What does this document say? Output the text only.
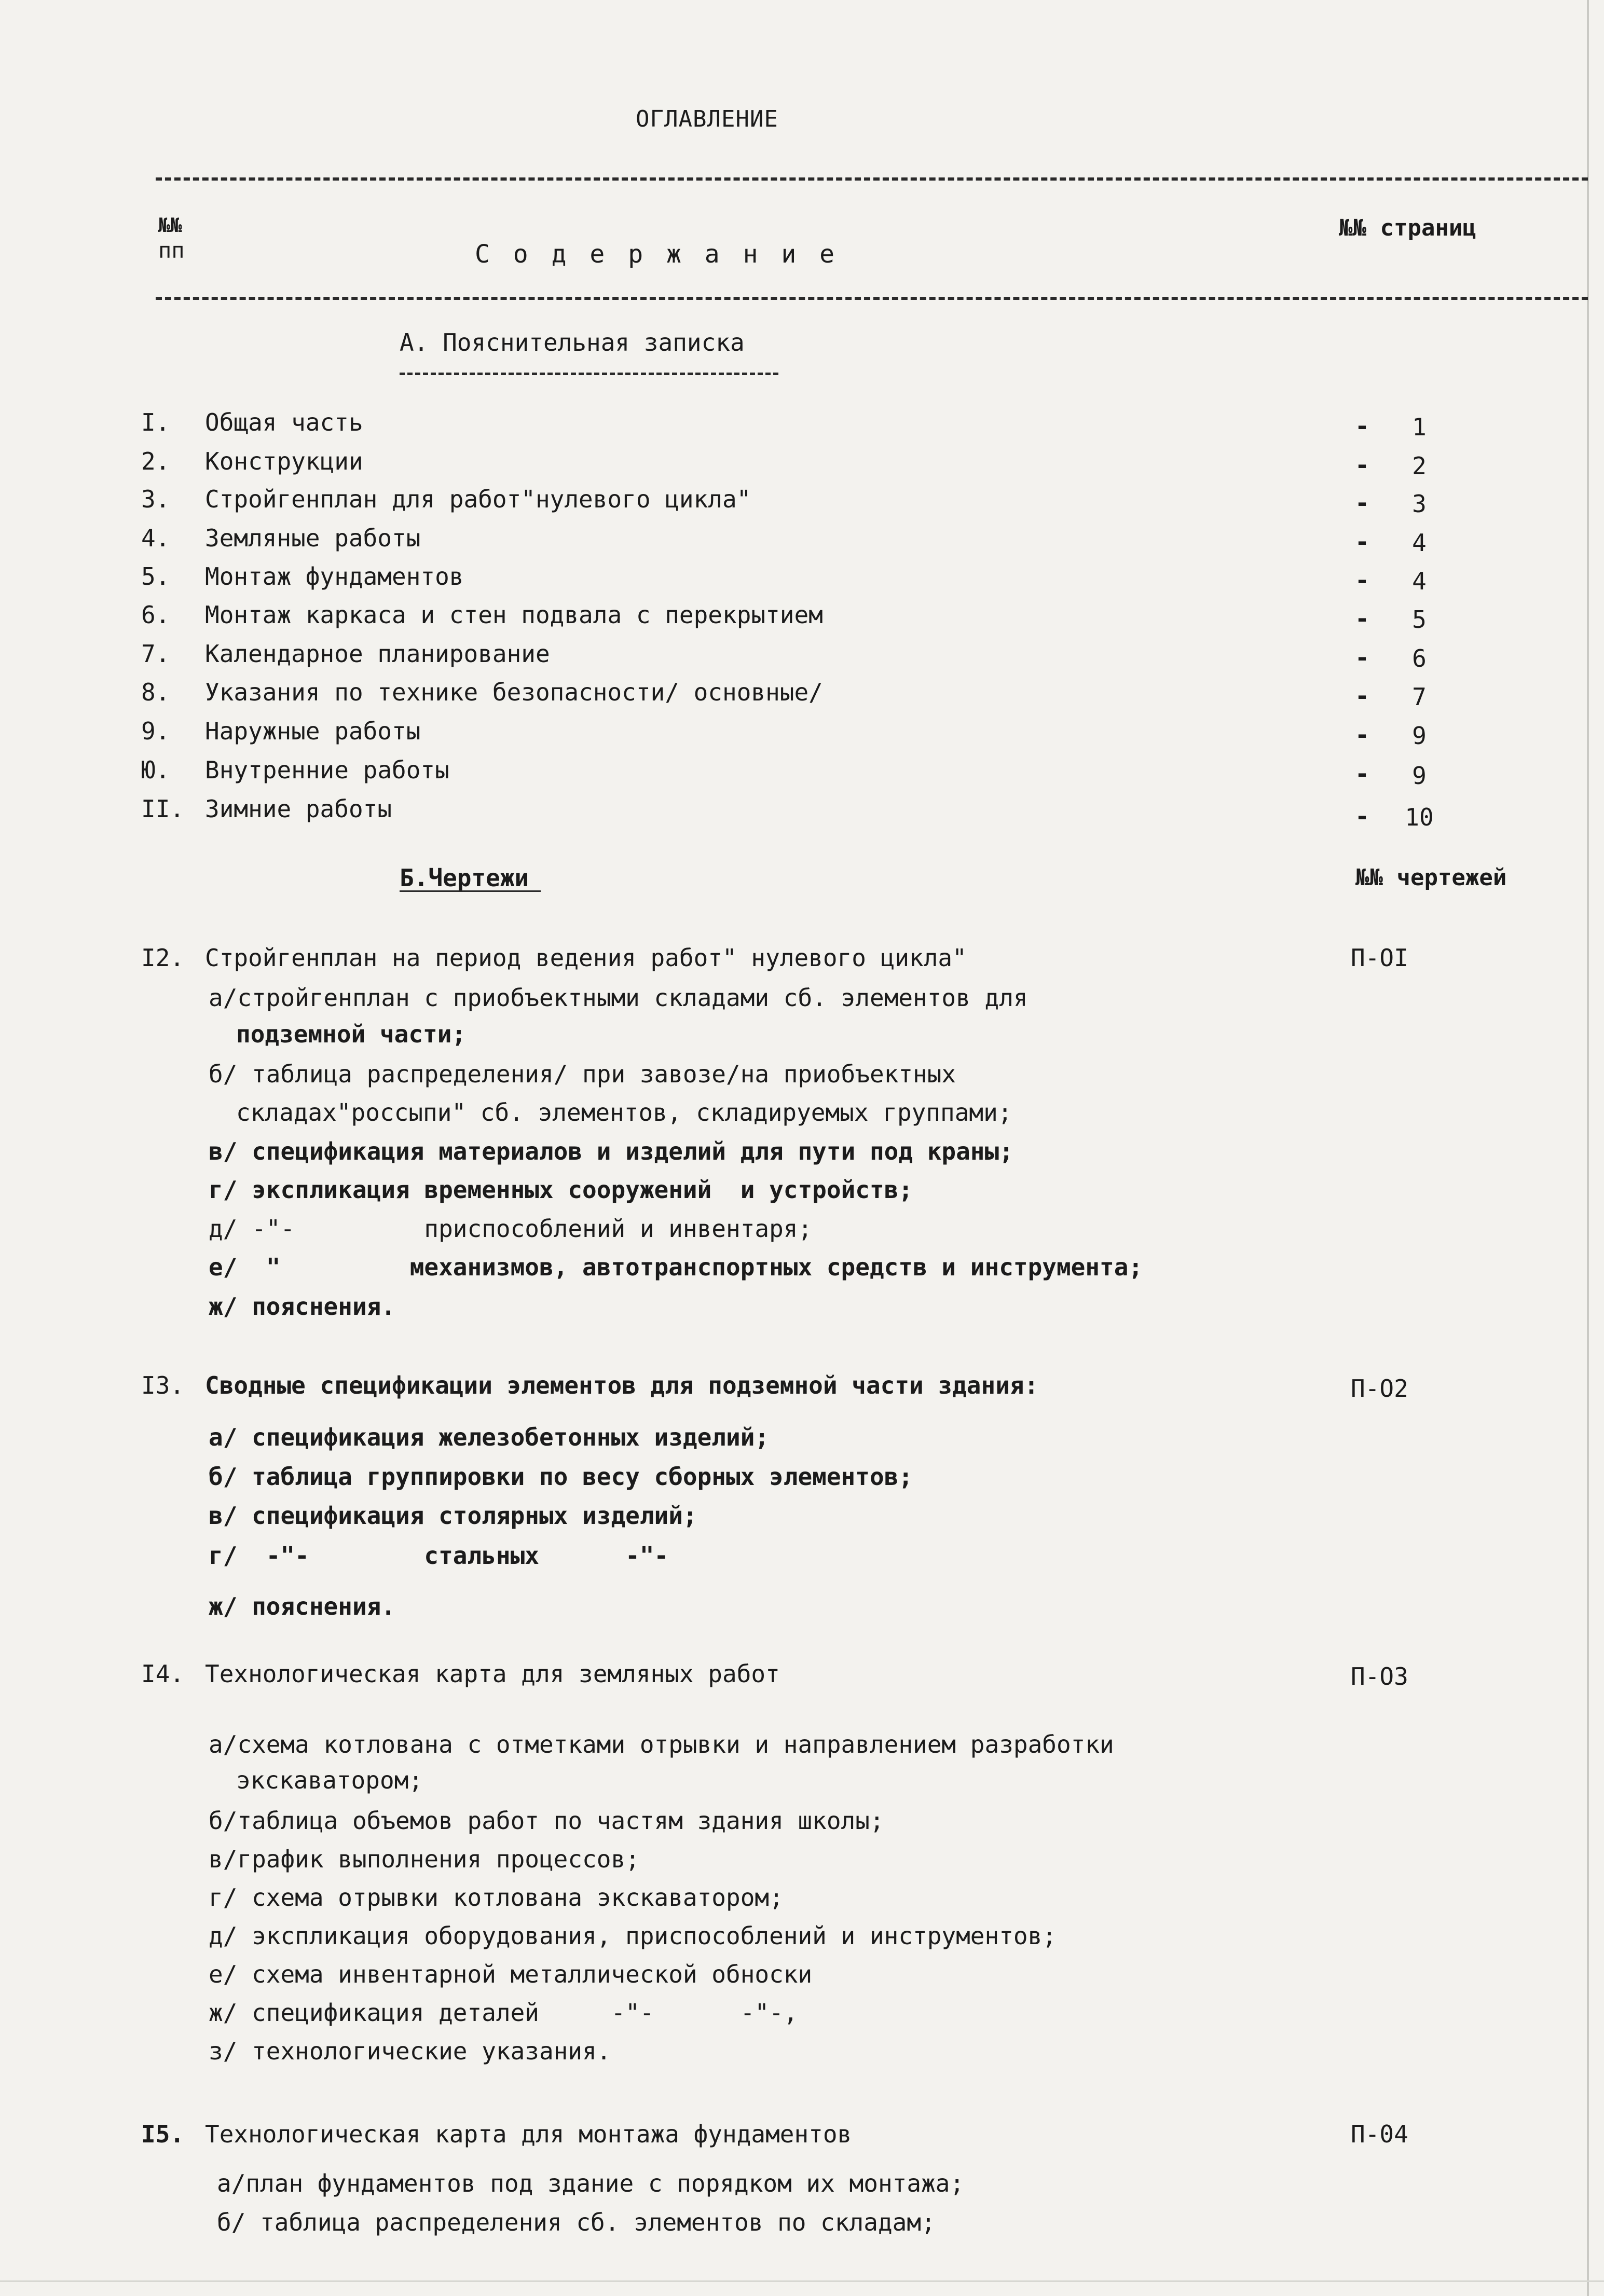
ОГЛАВЛЕНИЕ
№№
пп	С о д е р ж а н и е
№№ страниц
А. Пояснительная записка
I.	Общая часть	-	1
2.	Конструкции	-	2
3.	Стройгенплан для работ"нулевого цикла"	-	3
4.	Земляные работы	-	4
5.	Монтаж фундаментов	-	4
6.	Монтаж каркаса и стен подвала с перекрытием	-	5
7.	Календарное планирование	-	6
8.	Указания по технике безопасности/ основные/	-	7
9.	Наружные работы	-	9
Ю.	Внутренние работы	-	9
II. Зимние работы	- 10
Б.Чертежи	№№ чертежей
I2. Стройгенплан на период ведения работ" нулевого цикла"	П-OI
а/стройгенплан с приобъектными складами сб. элементов для
подземной части;
б/ таблица распределения/ при завозе/на приобъектных
складах"россыпи" сб. элементов, складируемых группами;
в/ спецификация материалов и изделий для пути под краны;
г/ экспликация временных сооружений  и устройств;
д/ -"-         приспособлений и инвентаря;
е/  "         механизмов, автотранспортных средств и инструмента;
ж/ пояснения.
I3. Сводные спецификации элементов для подземной части здания:	П-O2
а/ спецификация железобетонных изделий;
б/ таблица группировки по весу сборных элементов;
в/ спецификация столярных изделий;
г/  -"-        стальных      -"-
ж/ пояснения.
I4. Технологическая карта для земляных работ	П-O3
а/схема котлована с отметками отрывки и направлением разработки
экскаватором;
б/таблица объемов работ по частям здания школы;
в/график выполнения процессов;
г/ схема отрывки котлована экскаватором;
д/ экспликация оборудования, приспособлений и инструментов;
е/ схема инвентарной металлической обноски
ж/ спецификация деталей     -"-      -"-,
з/ технологические указания.
I5. Технологическая карта для монтажа фундаментов	П-04
а/план фундаментов под здание с порядком их монтажа;
б/ таблица распределения сб. элементов по складам;
